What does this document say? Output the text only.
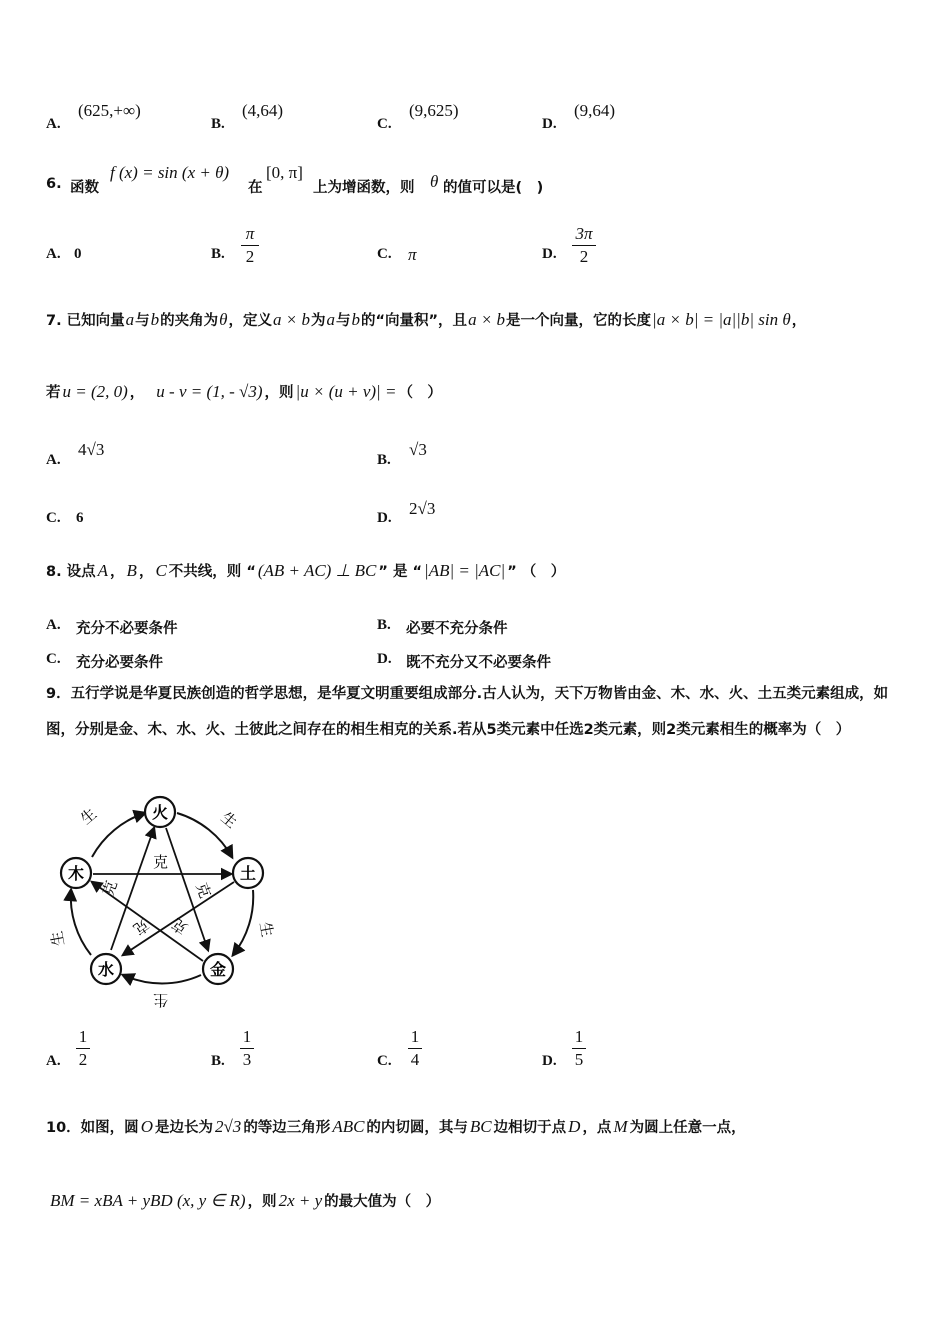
A.
(625,+∞)
B.
(4,64)
C.
(9,625)
D.
(9,64)
6. 函数
f (x) = sin (x + θ)
在
[0, π]
上为增函数，则 θ 的值可以是(　)
A. 0	B.
π
2	C. π	D.
3π
2
7. 已知向量 a 与 b 的夹角为 θ ，定义 a × b 为 a 与 b 的“向量积”，且 a × b 是一个向量，它的长度 |a × b| = |a||b| sin θ ，
若 u = (2, 0) ， u - v = (1, - √3) ，则 |u × (u + v)| = （　）
A.
4√3
B.
√3
C. 6	D. 2√3
8. 设点 A ， B ， C 不共线，则 “ (AB + AC) ⊥ BC ” 是 “ |AB| = |AC| ” （　）
A. 充分不必要条件	B. 必要不充分条件
C. 充分必要条件	D. 既不充分又不必要条件
9．五行学说是华夏民族创造的哲学思想，是华夏文明重要组成部分.古人认为，天下万物皆由金、木、水、火、土五类元素组成，如图，分别是金、木、水、火、土彼此之间存在的相生相克的关系.若从5类元素中任选2类元素，则2类元素相生的概率为（　）
火
土
金
水
木
生
生
生
生
生
克
克
克
克 克
A.
1
2	B.
1
3	C.
1
4	D.
1
5
10．如图，圆 O 是边长为 2√3 的等边三角形 ABC 的内切圆，其与 BC 边相切于点 D ，点 M 为圆上任意一点，
BM = xBA + yBD (x, y ∈ R) ，则 2x + y 的最大值为（　）
